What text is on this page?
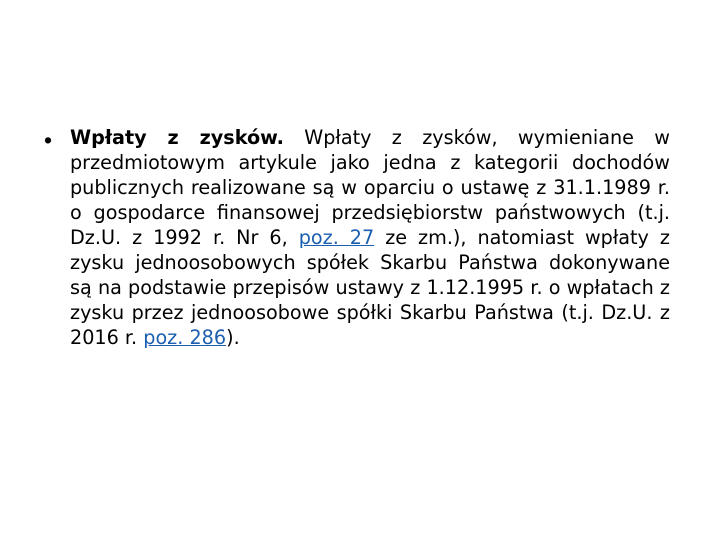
• Wpłaty z zysków. Wpłaty z zysków, wymieniane w przedmiotowym artykule jako jedna z kategorii dochodów publicznych realizowane są w oparciu o ustawę z 31.1.1989 r. o gospodarce finansowej przedsiębiorstw państwowych (t.j. Dz.U. z 1992 r. Nr 6, poz. 27 ze zm.), natomiast wpłaty z zysku jednoosobowych spółek Skarbu Państwa dokonywane są na podstawie przepisów ustawy z 1.12.1995 r. o wpłatach z zysku przez jednoosobowe spółki Skarbu Państwa (t.j. Dz.U. z 2016 r. poz. 286).
